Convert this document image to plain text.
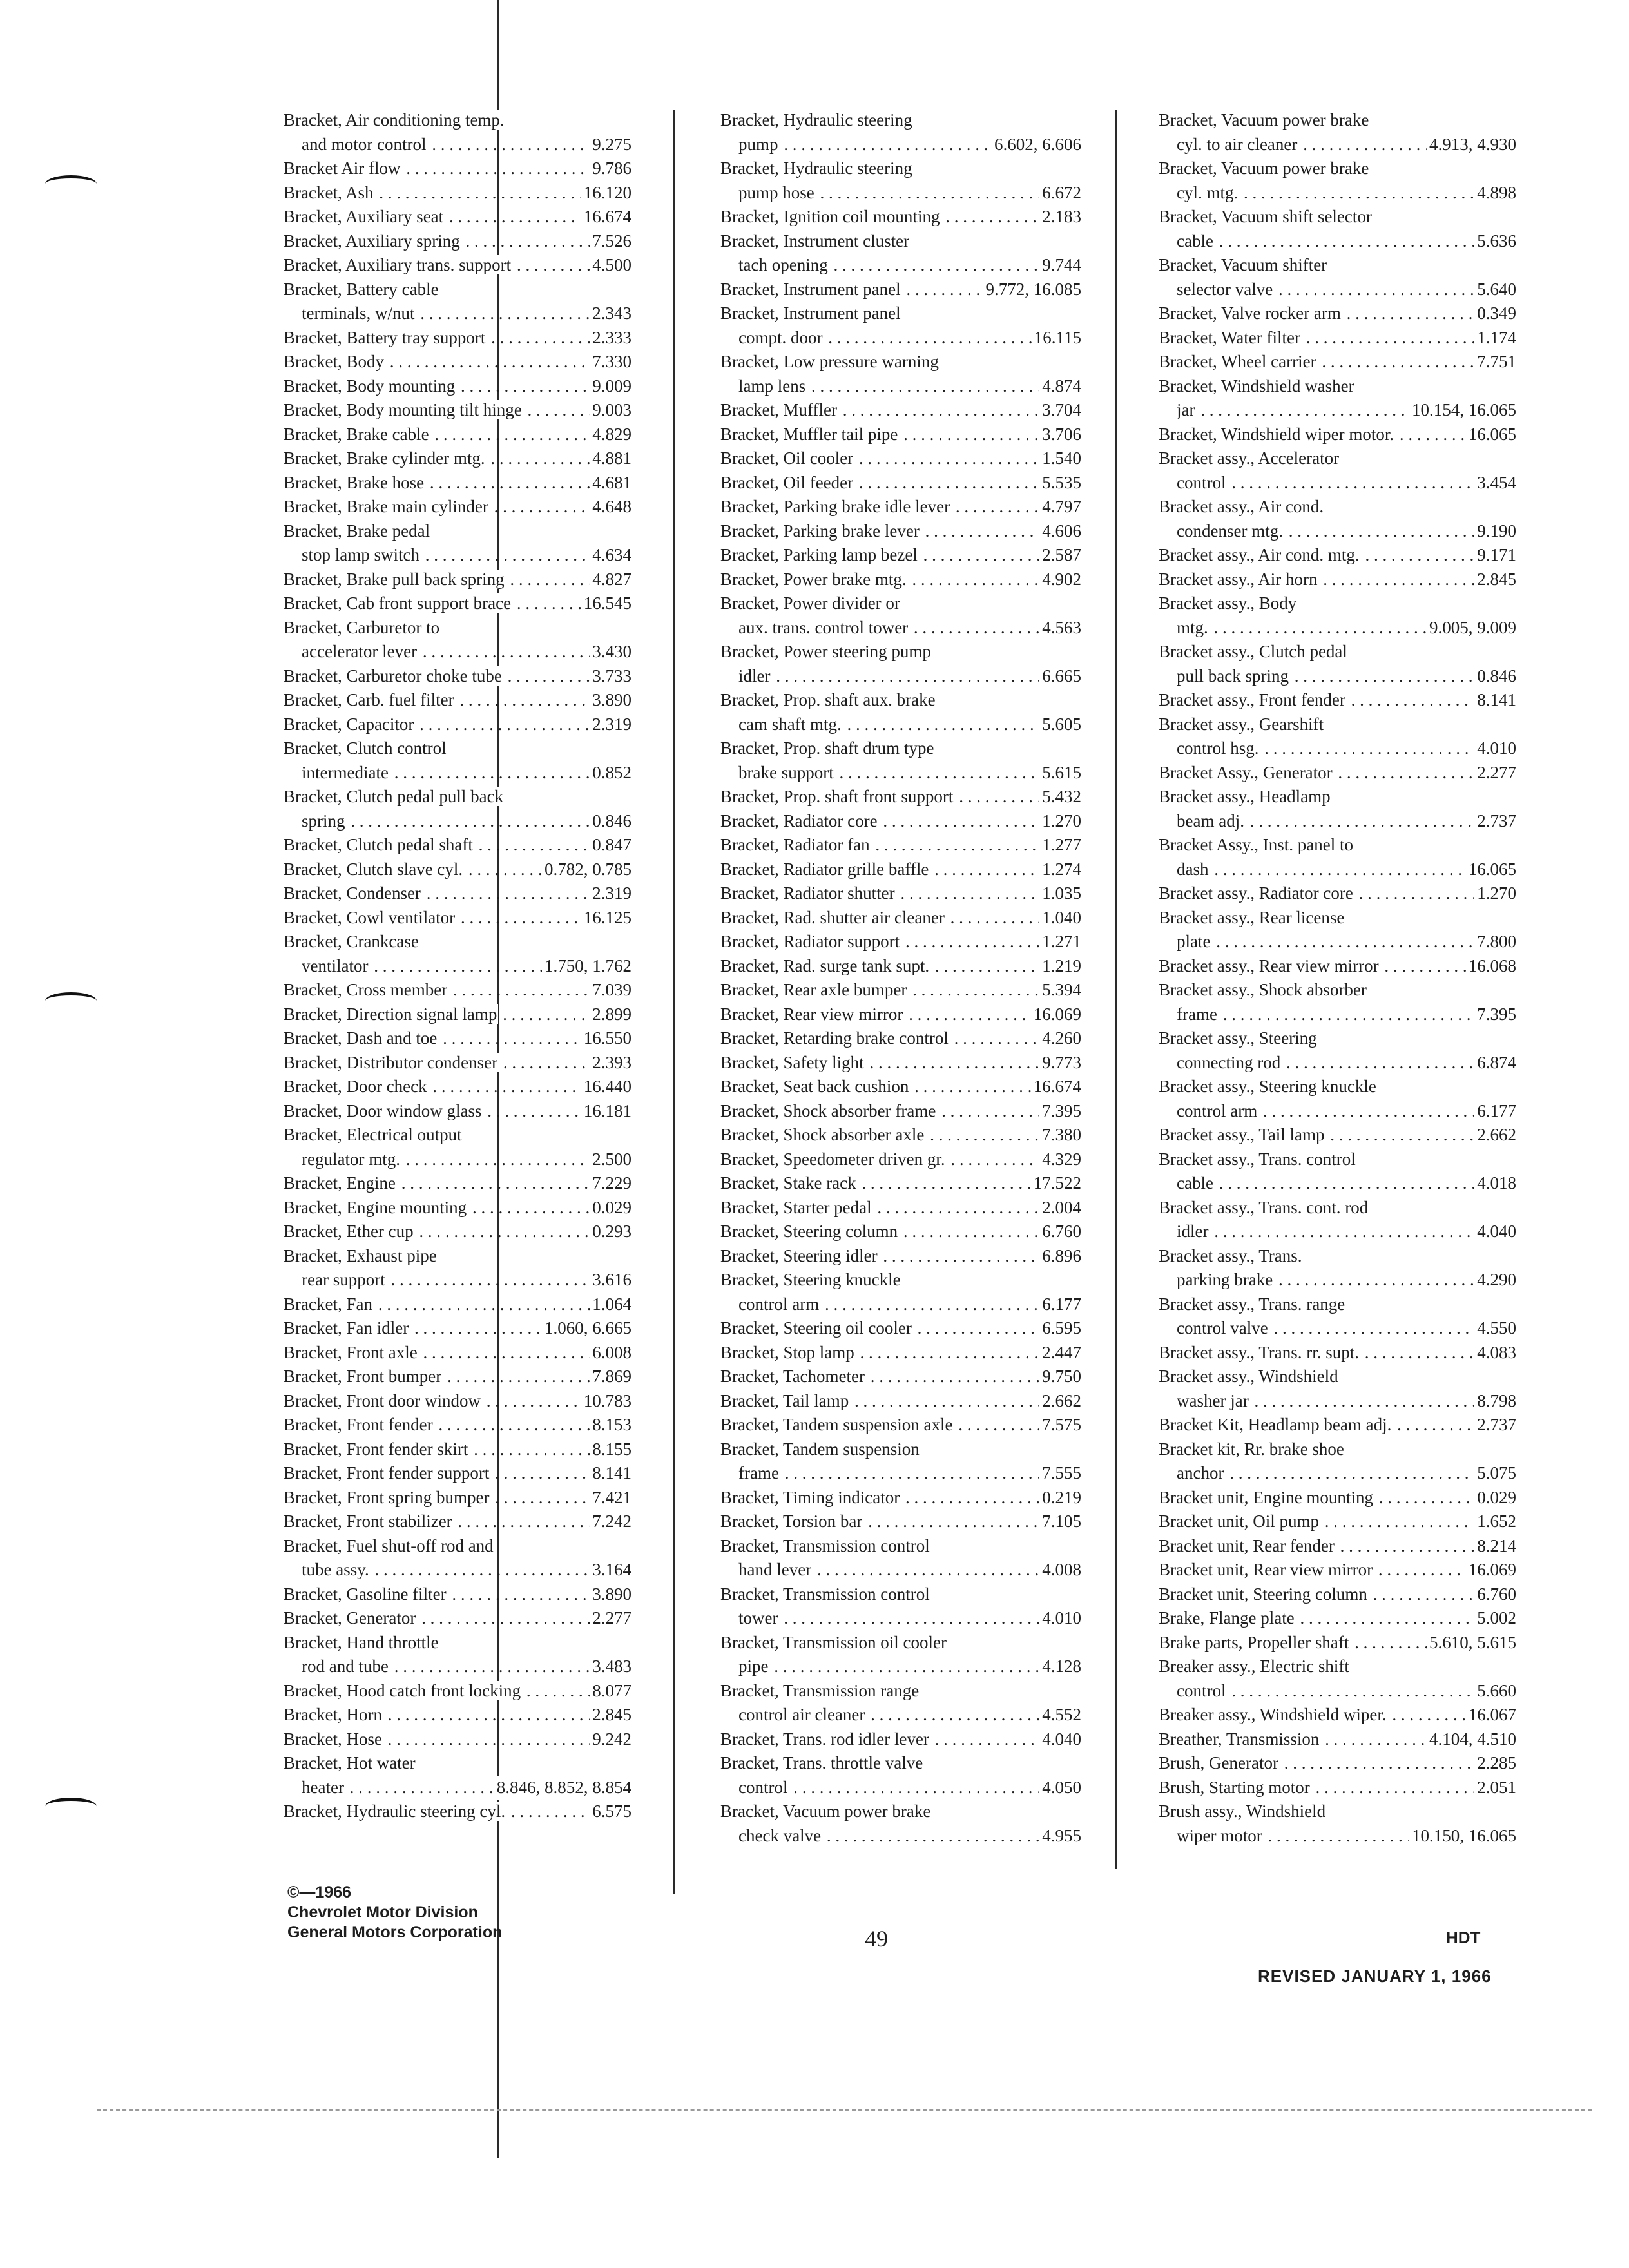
Bracket, Air conditioning temp.
and motor control . . .	9.275
Bracket Air flow . . .	9.786
Bracket, Ash . . .	16.120
Bracket, Auxiliary seat . . .	16.674
Bracket, Auxiliary spring . . .	7.526
Bracket, Auxiliary trans. support . . .	4.500
Bracket, Battery cable
terminals, w/nut . . .	2.343
Bracket, Battery tray support . . .	2.333
Bracket, Body . . .	7.330
Bracket, Body mounting . . .	9.009
Bracket, Body mounting tilt hinge . . .	9.003
Bracket, Brake cable . . .	4.829
Bracket, Brake cylinder mtg. . . .	4.881
Bracket, Brake hose . . .	4.681
Bracket, Brake main cylinder . . .	4.648
Bracket, Brake pedal
stop lamp switch . . .	4.634
Bracket, Brake pull back spring . . .	4.827
Bracket, Cab front support brace . . .	16.545
Bracket, Carburetor to
accelerator lever . . .	3.430
Bracket, Carburetor choke tube . . .	3.733
Bracket, Carb. fuel filter . . .	3.890
Bracket, Capacitor . . .	2.319
Bracket, Clutch control
intermediate . . .	0.852
Bracket, Clutch pedal pull back
spring . . .	0.846
Bracket, Clutch pedal shaft . . .	0.847
Bracket, Clutch slave cyl. . . .	0.782, 0.785
Bracket, Condenser . . .	2.319
Bracket, Cowl ventilator . . .	16.125
Bracket, Crankcase
ventilator . . .	1.750, 1.762
Bracket, Cross member . . .	7.039
Bracket, Direction signal lamp . . .	2.899
Bracket, Dash and toe . . .	16.550
Bracket, Distributor condenser . . .	2.393
Bracket, Door check . . .	16.440
Bracket, Door window glass . . .	16.181
Bracket, Electrical output
regulator mtg. . . .	2.500
Bracket, Engine . . .	7.229
Bracket, Engine mounting . . .	0.029
Bracket, Ether cup . . .	0.293
Bracket, Exhaust pipe
rear support . . .	3.616
Bracket, Fan . . .	1.064
Bracket, Fan idler . . .	1.060, 6.665
Bracket, Front axle . . .	6.008
Bracket, Front bumper . . .	7.869
Bracket, Front door window . . .	10.783
Bracket, Front fender . . .	8.153
Bracket, Front fender skirt . . .	8.155
Bracket, Front fender support . . .	8.141
Bracket, Front spring bumper . . .	7.421
Bracket, Front stabilizer . . .	7.242
Bracket, Fuel shut-off rod and
tube assy. . . .	3.164
Bracket, Gasoline filter . . .	3.890
Bracket, Generator . . .	2.277
Bracket, Hand throttle
rod and tube . . .	3.483
Bracket, Hood catch front locking . . .	8.077
Bracket, Horn . . .	2.845
Bracket, Hose . . .	9.242
Bracket, Hot water
heater . . .	8.846, 8.852, 8.854
Bracket, Hydraulic steering cyl. . . .	6.575
Bracket, Hydraulic steering
pump . . .	6.602, 6.606
Bracket, Hydraulic steering
pump hose . . .	6.672
Bracket, Ignition coil mounting . . .	2.183
Bracket, Instrument cluster
tach opening . . .	9.744
Bracket, Instrument panel . . .	9.772, 16.085
Bracket, Instrument panel
compt. door . . .	16.115
Bracket, Low pressure warning
lamp lens . . .	4.874
Bracket, Muffler . . .	3.704
Bracket, Muffler tail pipe . . .	3.706
Bracket, Oil cooler . . .	1.540
Bracket, Oil feeder . . .	5.535
Bracket, Parking brake idle lever . . .	4.797
Bracket, Parking brake lever . . .	4.606
Bracket, Parking lamp bezel . . .	2.587
Bracket, Power brake mtg. . . .	4.902
Bracket, Power divider or
aux. trans. control tower . . .	4.563
Bracket, Power steering pump
idler . . .	6.665
Bracket, Prop. shaft aux. brake
cam shaft mtg. . . .	5.605
Bracket, Prop. shaft drum type
brake support . . .	5.615
Bracket, Prop. shaft front support . . .	5.432
Bracket, Radiator core . . .	1.270
Bracket, Radiator fan . . .	1.277
Bracket, Radiator grille baffle . . .	1.274
Bracket, Radiator shutter . . .	1.035
Bracket, Rad. shutter air cleaner . . .	1.040
Bracket, Radiator support . . .	1.271
Bracket, Rad. surge tank supt. . . .	1.219
Bracket, Rear axle bumper . . .	5.394
Bracket, Rear view mirror . . .	16.069
Bracket, Retarding brake control . . .	4.260
Bracket, Safety light . . .	9.773
Bracket, Seat back cushion . . .	16.674
Bracket, Shock absorber frame . . .	7.395
Bracket, Shock absorber axle . . .	7.380
Bracket, Speedometer driven gr. . . .	4.329
Bracket, Stake rack . . .	17.522
Bracket, Starter pedal . . .	2.004
Bracket, Steering column . . .	6.760
Bracket, Steering idler . . .	6.896
Bracket, Steering knuckle
control arm . . .	6.177
Bracket, Steering oil cooler . . .	6.595
Bracket, Stop lamp . . .	2.447
Bracket, Tachometer . . .	9.750
Bracket, Tail lamp . . .	2.662
Bracket, Tandem suspension axle . . .	7.575
Bracket, Tandem suspension
frame . . .	7.555
Bracket, Timing indicator . . .	0.219
Bracket, Torsion bar . . .	7.105
Bracket, Transmission control
hand lever . . .	4.008
Bracket, Transmission control
tower . . .	4.010
Bracket, Transmission oil cooler
pipe . . .	4.128
Bracket, Transmission range
control air cleaner . . .	4.552
Bracket, Trans. rod idler lever . . .	4.040
Bracket, Trans. throttle valve
control . . .	4.050
Bracket, Vacuum power brake
check valve . . .	4.955
Bracket, Vacuum power brake
cyl. to air cleaner . . .	4.913, 4.930
Bracket, Vacuum power brake
cyl. mtg. . . .	4.898
Bracket, Vacuum shift selector
cable . . .	5.636
Bracket, Vacuum shifter
selector valve . . .	5.640
Bracket, Valve rocker arm . . .	0.349
Bracket, Water filter . . .	1.174
Bracket, Wheel carrier . . .	7.751
Bracket, Windshield washer
jar . . .	10.154, 16.065
Bracket, Windshield wiper motor. . . .	16.065
Bracket assy., Accelerator
control . . .	3.454
Bracket assy., Air cond.
condenser mtg. . . .	9.190
Bracket assy., Air cond. mtg. . . .	9.171
Bracket assy., Air horn . . .	2.845
Bracket assy., Body
mtg. . . .	9.005, 9.009
Bracket assy., Clutch pedal
pull back spring . . .	0.846
Bracket assy., Front fender . . .	8.141
Bracket assy., Gearshift
control hsg. . . .	4.010
Bracket Assy., Generator . . .	2.277
Bracket assy., Headlamp
beam adj. . . .	2.737
Bracket Assy., Inst. panel to
dash . . .	16.065
Bracket assy., Radiator core . . .	1.270
Bracket assy., Rear license
plate . . .	7.800
Bracket assy., Rear view mirror . . .	16.068
Bracket assy., Shock absorber
frame . . .	7.395
Bracket assy., Steering
connecting rod . . .	6.874
Bracket assy., Steering knuckle
control arm . . .	6.177
Bracket assy., Tail lamp . . .	2.662
Bracket assy., Trans. control
cable . . .	4.018
Bracket assy., Trans. cont. rod
idler . . .	4.040
Bracket assy., Trans.
parking brake . . .	4.290
Bracket assy., Trans. range
control valve . . .	4.550
Bracket assy., Trans. rr. supt. . . .	4.083
Bracket assy., Windshield
washer jar . . .	8.798
Bracket Kit, Headlamp beam adj. . . .	2.737
Bracket kit, Rr. brake shoe
anchor . . .	5.075
Bracket unit, Engine mounting . . .	0.029
Bracket unit, Oil pump . . .	1.652
Bracket unit, Rear fender . . .	8.214
Bracket unit, Rear view mirror . . .	16.069
Bracket unit, Steering column . . .	6.760
Brake, Flange plate . . .	5.002
Brake parts, Propeller shaft . . .	5.610, 5.615
Breaker assy., Electric shift
control . . .	5.660
Breaker assy., Windshield wiper. . . .	16.067
Breather, Transmission . . .	4.104, 4.510
Brush, Generator . . .	2.285
Brush, Starting motor . . .	2.051
Brush assy., Windshield
wiper motor . . .	10.150, 16.065
©—1966
Chevrolet Motor Division
General Motors Corporation	49	HDT
REVISED JANUARY 1, 1966
